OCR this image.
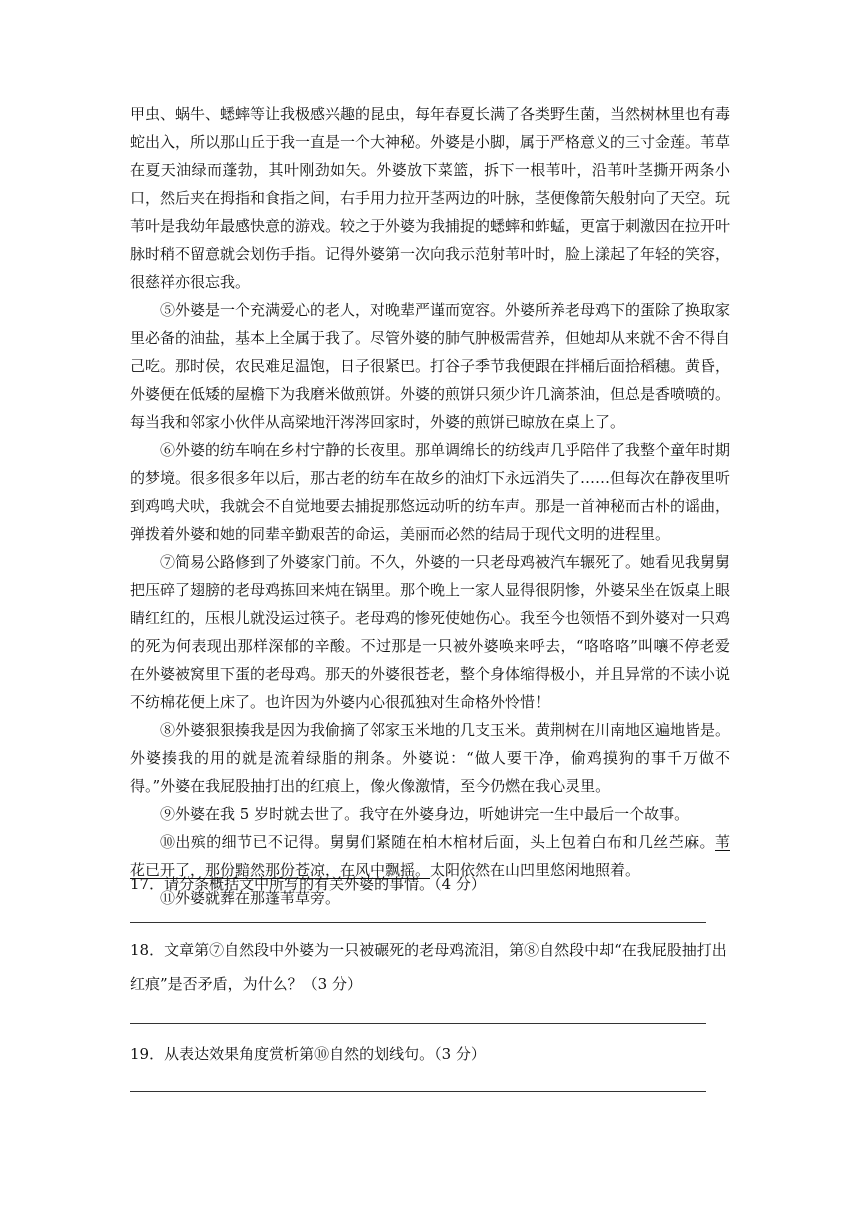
甲虫、蜗牛、蟋蟀等让我极感兴趣的昆虫，每年春夏长满了各类野生菌，当然树林里也有毒蛇出入，所以那山丘于我一直是一个大神秘。外婆是小脚，属于严格意义的三寸金莲。苇草在夏天油绿而蓬勃，其叶刚劲如矢。外婆放下菜篮，拆下一根苇叶，沿苇叶茎撕开两条小口，然后夹在拇指和食指之间，右手用力拉开茎两边的叶脉，茎便像箭矢般射向了天空。玩苇叶是我幼年最感快意的游戏。较之于外婆为我捕捉的蟋蟀和蚱蜢，更富于刺激因在拉开叶脉时稍不留意就会划伤手指。记得外婆第一次向我示范射苇叶时，脸上漾起了年轻的笑容，很慈祥亦很忘我。

⑤外婆是一个充满爱心的老人，对晚辈严谨而宽容。外婆所养老母鸡下的蛋除了换取家里必备的油盐，基本上全属于我了。尽管外婆的肺气肿极需营养，但她却从来就不舍不得自己吃。那时侯，农民难足温饱，日子很紧巴。打谷子季节我便跟在拌桶后面拾稻穗。黄昏，外婆便在低矮的屋檐下为我磨米做煎饼。外婆的煎饼只须少许几滴茶油，但总是香喷喷的。每当我和邻家小伙伴从高梁地汗涔涔回家时，外婆的煎饼已晾放在桌上了。

⑥外婆的纺车响在乡村宁静的长夜里。那单调绵长的纺线声几乎陪伴了我整个童年时期的梦境。很多很多年以后，那古老的纺车在故乡的油灯下永远消失了……但每次在静夜里听到鸡鸣犬吠，我就会不自觉地要去捕捉那悠远动听的纺车声。那是一首神秘而古朴的谣曲，弹拨着外婆和她的同辈辛勤艰苦的命运，美丽而必然的结局于现代文明的进程里。

⑦简易公路修到了外婆家门前。不久，外婆的一只老母鸡被汽车辗死了。她看见我舅舅把压碎了翅膀的老母鸡拣回来炖在锅里。那个晚上一家人显得很阴惨，外婆呆坐在饭桌上眼睛红红的，压根儿就没运过筷子。老母鸡的惨死使她伤心。我至今也领悟不到外婆对一只鸡的死为何表现出那样深郁的辛酸。不过那是一只被外婆唤来呼去，“咯咯咯”叫嚷不停老爱在外婆被窝里下蛋的老母鸡。那天的外婆很苍老，整个身体缩得极小，并且异常的不读小说不纺棉花便上床了。也许因为外婆内心很孤独对生命格外怜惜！

⑧外婆狠狠揍我是因为我偷摘了邻家玉米地的几支玉米。黄荆树在川南地区遍地皆是。外婆揍我的用的就是流着绿脂的荆条。外婆说：“做人要干净，偷鸡摸狗的事千万做不得。”外婆在我屁股抽打出的红痕上，像火像激情，至今仍燃在我心灵里。

⑨外婆在我 5 岁时就去世了。我守在外婆身边，听她讲完一生中最后一个故事。

⑩出殡的细节已不记得。舅舅们紧随在柏木棺材后面，头上包着白布和几丝苎麻。苇花已开了，那份黯然那份苍凉，在风中飘摇。太阳依然在山凹里悠闲地照着。

⑪外婆就葬在那蓬苇草旁。

17．请分条概括文中所写的有关外婆的事情。（4 分）

18．文章第⑦自然段中外婆为一只被碾死的老母鸡流泪，第⑧自然段中却“在我屁股抽打出

红痕”是否矛盾，为什么？（3 分）

19．从表达效果角度赏析第⑩自然的划线句。（3 分）
